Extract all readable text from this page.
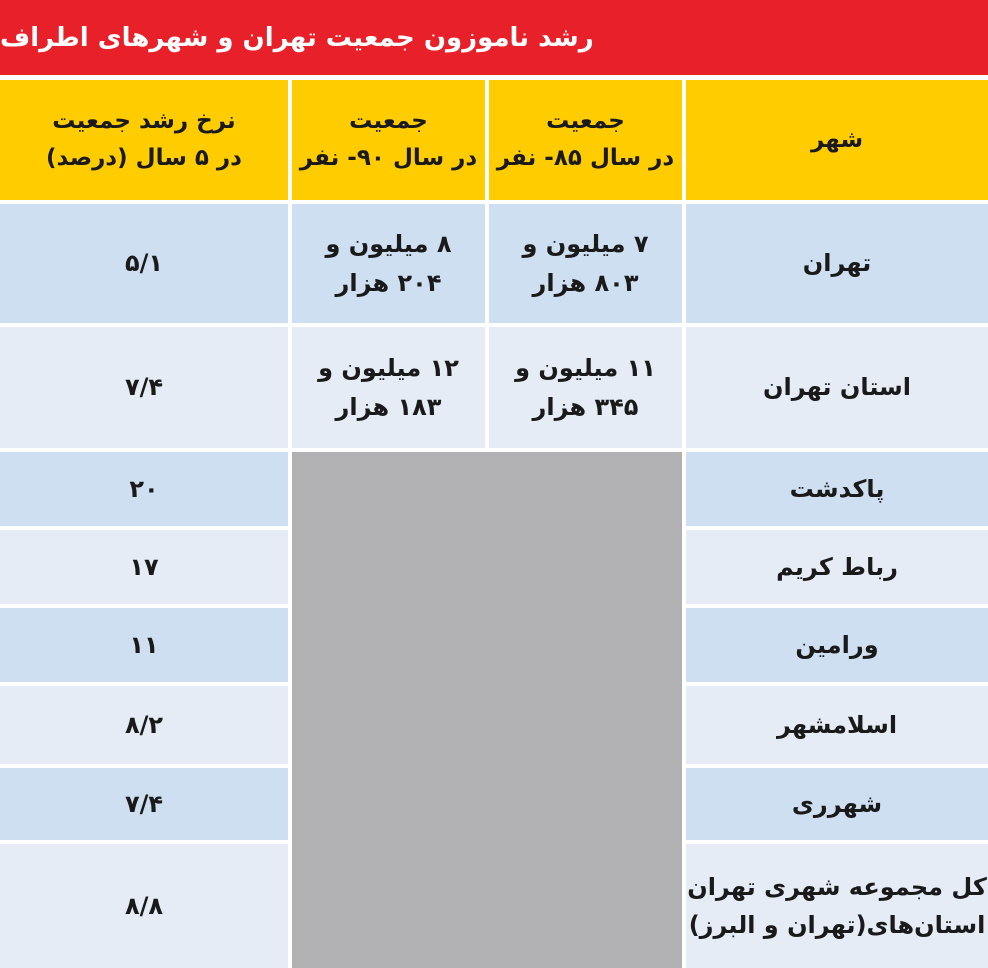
رشد ناموزون جمعیت تهران و شهرهای اطراف
شهر
جمعیت
در سال ۸۵- نفر
جمعیت
در سال ۹۰- نفر
نرخ رشد جمعیت
در ۵ سال (درصد)
تهران
۷ میلیون و
۸۰۳ هزار
۸ میلیون و
۲۰۴ هزار
۵/۱
استان تهران
۱۱ میلیون و
۳۴۵ هزار
۱۲ میلیون و
۱۸۳ هزار
۷/۴
پاکدشت
۲۰
رباط کریم
۱۷
ورامین
۱۱
اسلامشهر
۸/۲
شهرری
۷/۴
کل مجموعه شهری تهران
استان‌های(تهران و البرز)
۸/۸
